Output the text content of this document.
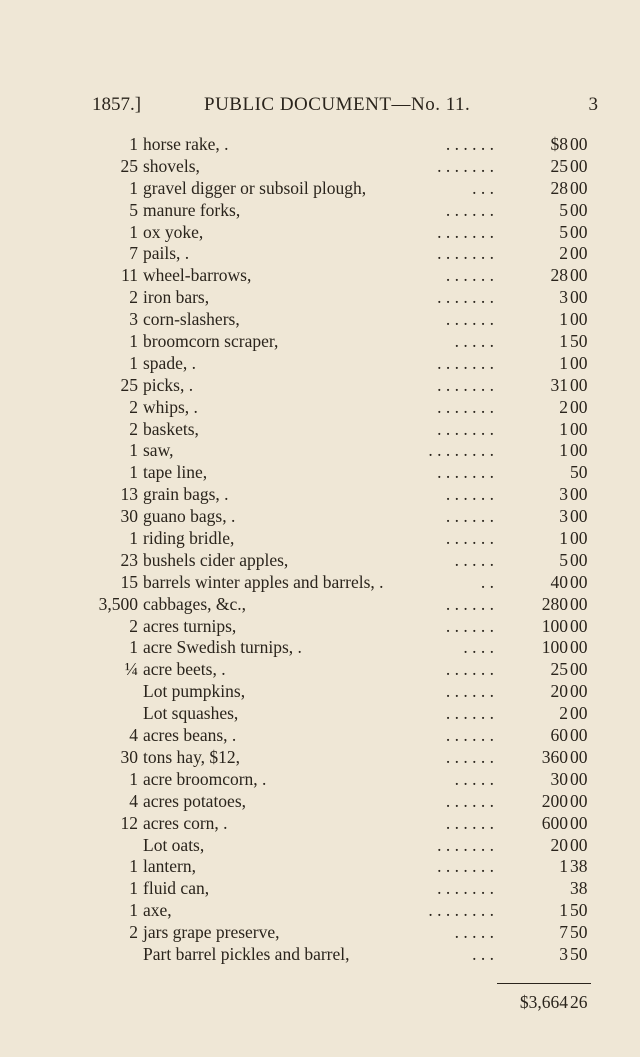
1857.]	PUBLIC DOCUMENT—No. 11.	3
1 horse rake, .	. . . . . .	$8 00
25 shovels,	. . . . . . .	25 00
1 gravel digger or subsoil plough,	. . .	28 00
5 manure forks,	. . . . . .	5 00
1 ox yoke,	. . . . . . .	5 00
7 pails, .	. . . . . . .	2 00
11 wheel-barrows,	. . . . . .	28 00
2 iron bars,	. . . . . . .	3 00
3 corn-slashers,	. . . . . .	1 00
1 broomcorn scraper,	. . . . .	1 50
1 spade, .	. . . . . . .	1 00
25 picks, .	. . . . . . .	31 00
2 whips, .	. . . . . . .	2 00
2 baskets,	. . . . . . .	1 00
1 saw,	. . . . . . . .	1 00
1 tape line,	. . . . . . .	50
13 grain bags, .	. . . . . .	3 00
30 guano bags, .	. . . . . .	3 00
1 riding bridle,	. . . . . .	1 00
23 bushels cider apples,	. . . . .	5 00
15 barrels winter apples and barrels, .	. .	40 00
3,500 cabbages, &c.,	. . . . . .	280 00
2 acres turnips,	. . . . . .	100 00
1 acre Swedish turnips, .	. . . .	100 00
¼ acre beets, .	. . . . . .	25 00
Lot pumpkins,	. . . . . .	20 00
Lot squashes,	. . . . . .	2 00
4 acres beans, .	. . . . . .	60 00
30 tons hay, $12,	. . . . . .	360 00
1 acre broomcorn, .	. . . . .	30 00
4 acres potatoes,	. . . . . .	200 00
12 acres corn, .	. . . . . .	600 00
Lot oats,	. . . . . . .	20 00
1 lantern,	. . . . . . .	1 38
1 fluid can,	. . . . . . .	38
1 axe,	. . . . . . . .	1 50
2 jars grape preserve,	. . . . .	7 50
Part barrel pickles and barrel,	. . .	3 50
$3,664 26
